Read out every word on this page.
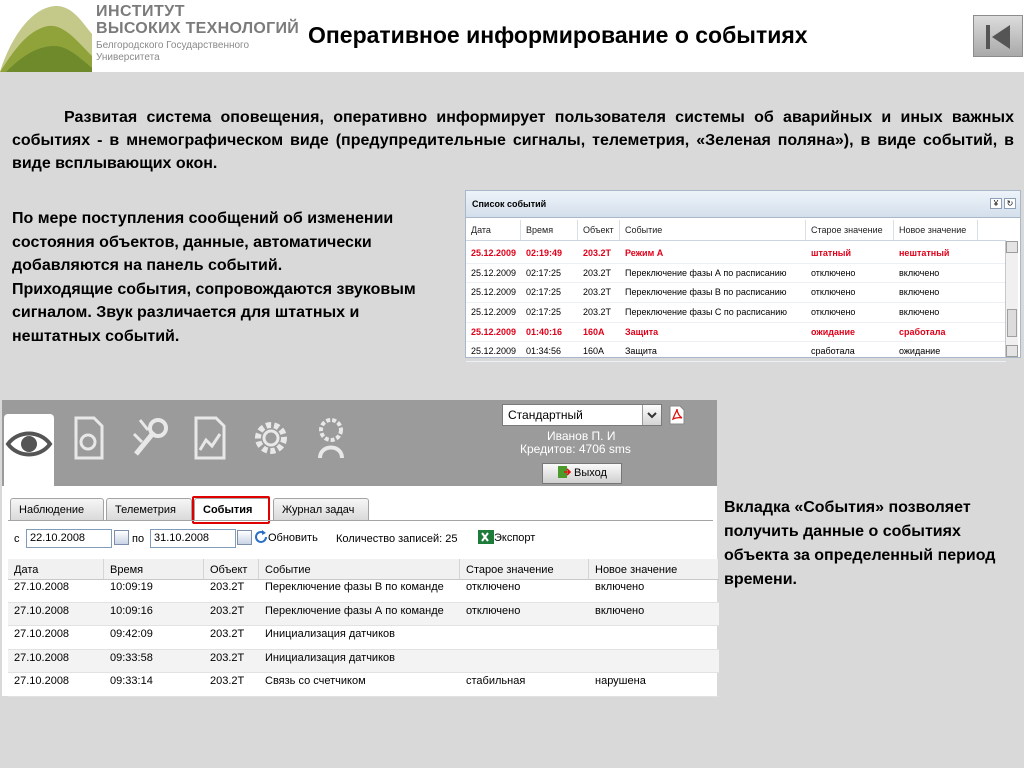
ИНСТИТУТ
ВЫСОКИХ ТЕХНОЛОГИЙ
Белгородского Государственного
Университета
Оперативное информирование о событиях
Развитая система оповещения, оперативно информирует пользователя системы об аварийных и иных важных событиях - в мнемографическом виде (предупредительные сигналы, телеметрия, «Зеленая поляна»), в виде событий, в виде всплывающих окон.
По мере поступления сообщений об изменении состояния объектов, данные, автоматически добавляются на панель событий.
Приходящие события, сопровождаются звуковым сигналом. Звук различается для штатных и нештатных событий.
Вкладка «События» позволяет получить данные о событиях объекта за определенный период времени.
Список событий	¥	↻
Дата	Время	Объект	Событие	Старое значение	Новое значение
25.12.2009	02:19:49	203.2Т	Режим А	штатный	нештатный
25.12.2009	02:17:25	203.2Т	Переключение фазы А по расписанию	отключено	включено
25.12.2009	02:17:25	203.2Т	Переключение фазы В по расписанию	отключено	включено
25.12.2009	02:17:25	203.2Т	Переключение фазы С по расписанию	отключено	включено
25.12.2009	01:40:16	160А	Защита	ожидание	сработала
25.12.2009	01:34:56	160А	Защита	сработала	ожидание
Стандартный
Иванов П. И
Кредитов: 4706 sms
Выход
Наблюдение	Телеметрия	События	Журнал задач
с 22.10.2008	по 31.10.2008	Обновить Количество записей: 25	Экспорт
Дата	Время	Объект	Событие	Старое значение	Новое значение
27.10.2008	10:09:19	203.2Т	Переключение фазы В по команде	отключено	включено
27.10.2008	10:09:16	203.2Т	Переключение фазы А по команде	отключено	включено
27.10.2008	09:42:09	203.2Т	Инициализация датчиков
27.10.2008	09:33:58	203.2Т	Инициализация датчиков
27.10.2008	09:33:14	203.2Т	Связь со счетчиком	стабильная	нарушена
